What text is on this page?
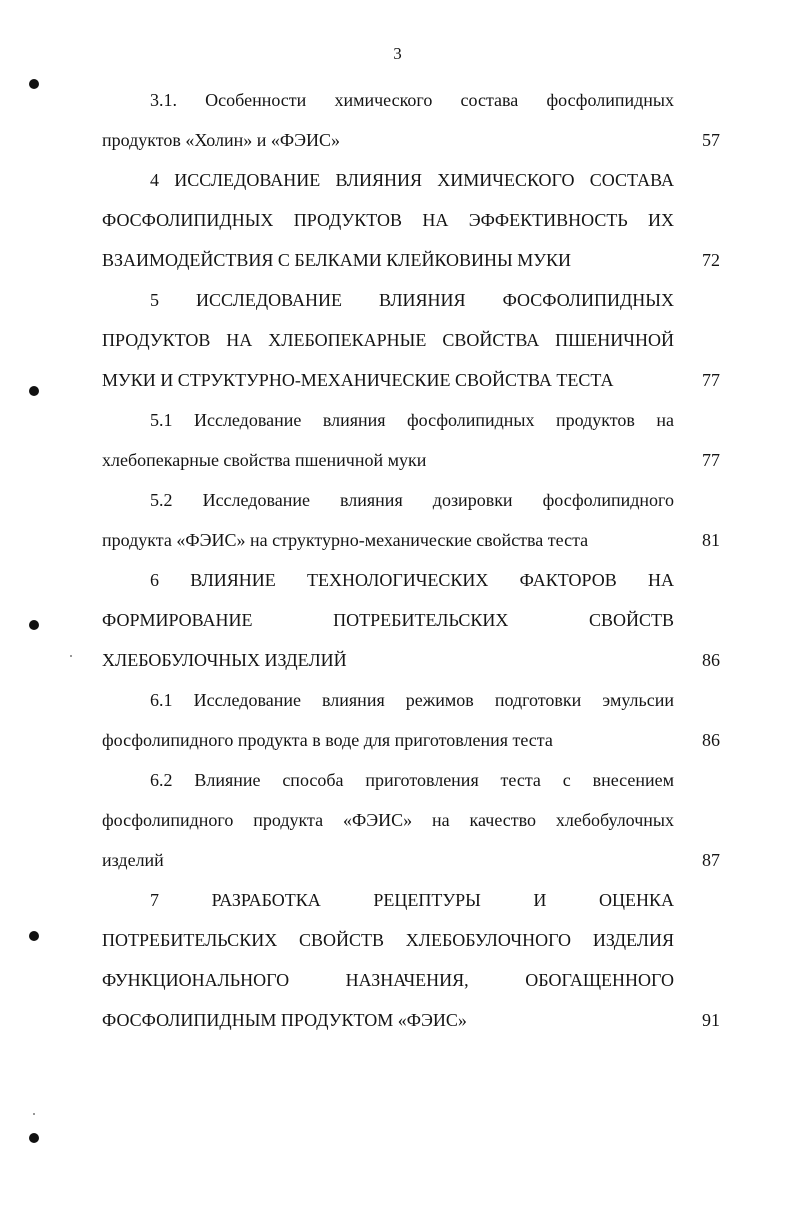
3
3.1. Особенности химического состава фосфолипидных
продуктов «Холин» и «ФЭИС»	57
4 ИССЛЕДОВАНИЕ ВЛИЯНИЯ ХИМИЧЕСКОГО СОСТАВА
ФОСФОЛИПИДНЫХ ПРОДУКТОВ НА ЭФФЕКТИВНОСТЬ ИХ
ВЗАИМОДЕЙСТВИЯ С БЕЛКАМИ КЛЕЙКОВИНЫ МУКИ	72
5 ИССЛЕДОВАНИЕ ВЛИЯНИЯ ФОСФОЛИПИДНЫХ
ПРОДУКТОВ НА ХЛЕБОПЕКАРНЫЕ СВОЙСТВА ПШЕНИЧНОЙ
МУКИ И СТРУКТУРНО-МЕХАНИЧЕСКИЕ СВОЙСТВА ТЕСТА	77
5.1 Исследование влияния фосфолипидных продуктов на
хлебопекарные свойства пшеничной муки	77
5.2 Исследование влияния дозировки фосфолипидного
продукта «ФЭИС» на структурно-механические свойства теста	81
6 ВЛИЯНИЕ ТЕХНОЛОГИЧЕСКИХ ФАКТОРОВ НА
ФОРМИРОВАНИЕ ПОТРЕБИТЕЛЬСКИХ СВОЙСТВ
ХЛЕБОБУЛОЧНЫХ ИЗДЕЛИЙ	86
6.1 Исследование влияния режимов подготовки эмульсии
фосфолипидного продукта в воде для приготовления теста	86
6.2 Влияние способа приготовления теста с внесением
фосфолипидного продукта «ФЭИС» на качество хлебобулочных
изделий	87
7 РАЗРАБОТКА РЕЦЕПТУРЫ И ОЦЕНКА
ПОТРЕБИТЕЛЬСКИХ СВОЙСТВ ХЛЕБОБУЛОЧНОГО ИЗДЕЛИЯ
ФУНКЦИОНАЛЬНОГО НАЗНАЧЕНИЯ, ОБОГАЩЕННОГО
ФОСФОЛИПИДНЫМ ПРОДУКТОМ «ФЭИС»	91
